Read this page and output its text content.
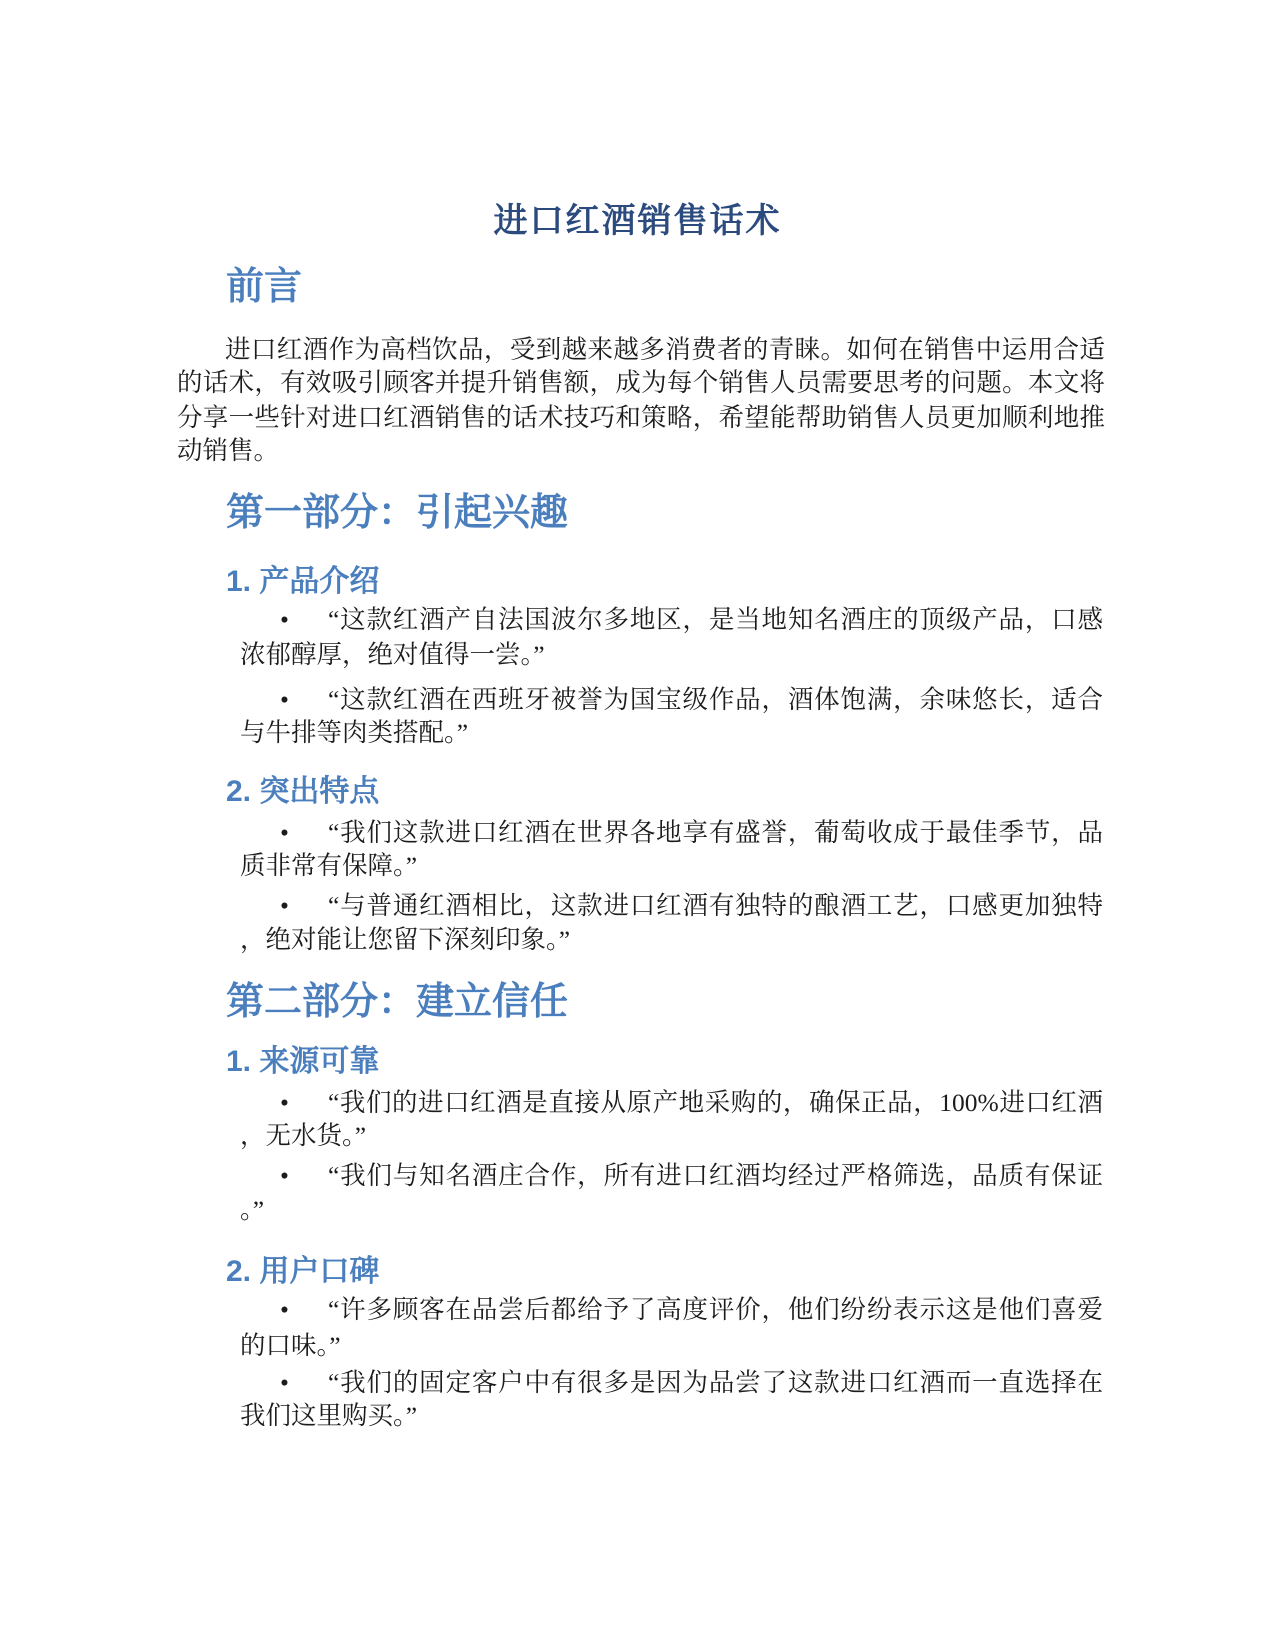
进口红酒销售话术
前言
进口红酒作为高档饮品，受到越来越多消费者的青睐。如何在销售中运用合适
的话术，有效吸引顾客并提升销售额，成为每个销售人员需要思考的问题。本文将
分享一些针对进口红酒销售的话术技巧和策略，希望能帮助销售人员更加顺利地推
动销售。
第一部分：引起兴趣
1. 产品介绍
•	“这款红酒产自法国波尔多地区，是当地知名酒庄的顶级产品，口感
浓郁醇厚，绝对值得一尝。”
•	“这款红酒在西班牙被誉为国宝级作品，酒体饱满，余味悠长，适合
与牛排等肉类搭配。”
2. 突出特点
•	“我们这款进口红酒在世界各地享有盛誉，葡萄收成于最佳季节，品
质非常有保障。”
•	“与普通红酒相比，这款进口红酒有独特的酿酒工艺，口感更加独特
，绝对能让您留下深刻印象。”
第二部分：建立信任
1. 来源可靠
•	“我们的进口红酒是直接从原产地采购的，确保正品，100%进口红酒
，无水货。”
•	“我们与知名酒庄合作，所有进口红酒均经过严格筛选，品质有保证
。”
2. 用户口碑
•	“许多顾客在品尝后都给予了高度评价，他们纷纷表示这是他们喜爱
的口味。”
•	“我们的固定客户中有很多是因为品尝了这款进口红酒而一直选择在
我们这里购买。”
